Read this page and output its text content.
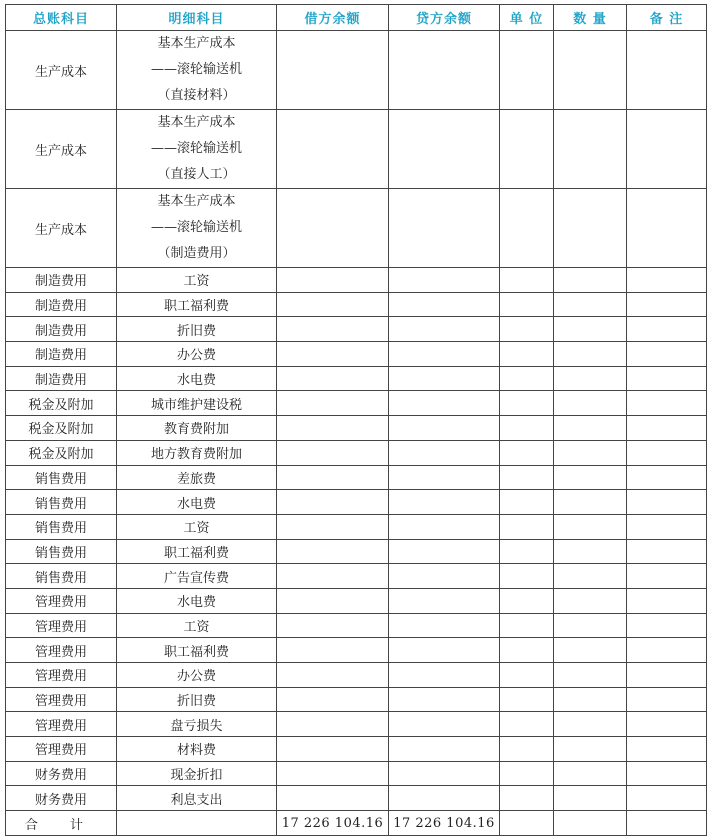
总账科目	明细科目	借方余额	贷方余额	单 位	数 量	备 注
生产成本	基本生产成本
——滚轮输送机
（直接材料）					

生产成本	基本生产成本
——滚轮输送机
（直接人工）					

生产成本	基本生产成本
——滚轮输送机
（制造费用）					

制造费用	工资					
制造费用	职工福利费					
制造费用	折旧费					
制造费用	办公费					
制造费用	水电费					
税金及附加	城市维护建设税					
税金及附加	教育费附加					
税金及附加	地方教育费附加					
销售费用	差旅费					
销售费用	水电费					
销售费用	工资					
销售费用	职工福利费					
销售费用	广告宣传费					
管理费用	水电费					
管理费用	工资					
管理费用	职工福利费					
管理费用	办公费					
管理费用	折旧费					
管理费用	盘亏损失					
管理费用	材料费					
财务费用	现金折扣					
财务费用	利息支出					
合 计		17 226 104.16	17 226 104.16			
